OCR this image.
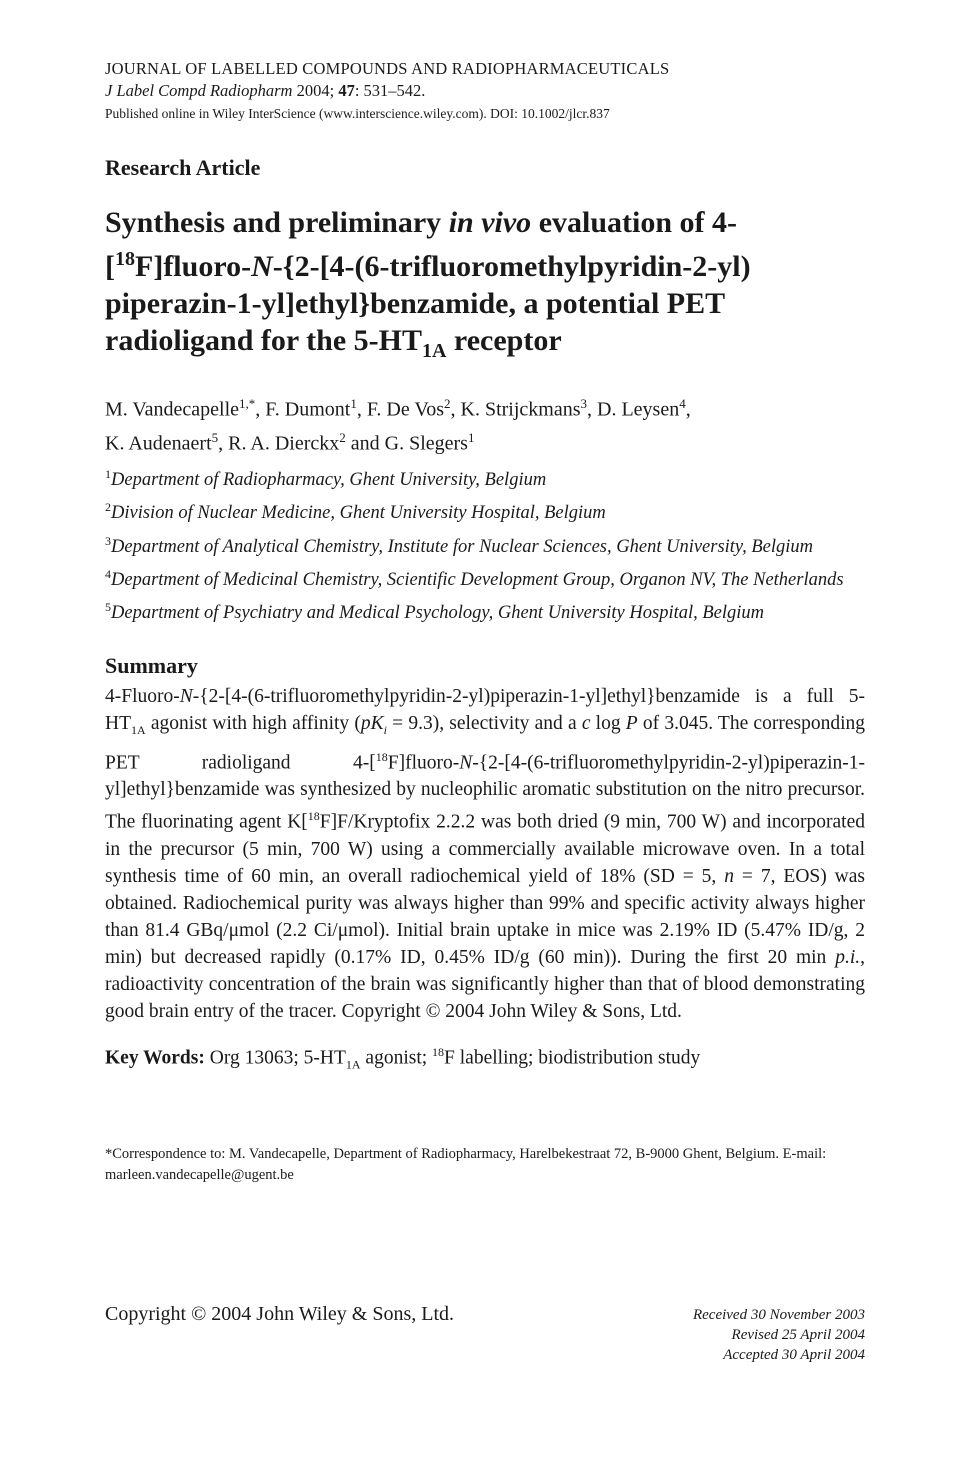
JOURNAL OF LABELLED COMPOUNDS AND RADIOPHARMACEUTICALS
J Label Compd Radiopharm 2004; 47: 531–542.
Published online in Wiley InterScience (www.interscience.wiley.com). DOI: 10.1002/jlcr.837
Research Article
Synthesis and preliminary in vivo evaluation of 4-
[$^{18}$F]fluoro-N-{2-[4-(6-trifluoromethylpyridin-2-yl)
piperazin-1-yl]ethyl}benzamide, a potential PET
radioligand for the $5-HT_{1A}$ receptor
M. Vandecapelle$^{1,*}$, F. Dumont$^1$, F. De Vos$^2$, K. Strijckmans$^3$, D. Leysen$^4$,
K. Audenaert$^5$, R. A. Dierckx$^2$ and G. Slegers$^1$
$^1$Department of Radiopharmacy, Ghent University, Belgium
$^2$Division of Nuclear Medicine, Ghent University Hospital, Belgium
$^3$Department of Analytical Chemistry, Institute for Nuclear Sciences, Ghent University, Belgium
$^4$Department of Medicinal Chemistry, Scientific Development Group, Organon NV, The Netherlands
$^5$Department of Psychiatry and Medical Psychology, Ghent University Hospital, Belgium
Summary
4-Fluoro-N-{2-[4-(6-trifluoromethylpyridin-2-yl)piperazin-1-yl]ethyl}benzamide is a full $5-HT_{1A}$ agonist with high affinity $(pK_i = 9.3)$, selectivity and a c log P of 3.045. The corresponding PET radioligand 4-[$^{18}$F]fluoro-N-{2-[4-(6-trifluoromethylpyridin-2-yl)piperazin-1-yl]ethyl}benzamide was synthesized by nucleophilic aromatic substitution on the nitro precursor. The fluorinating agent K[$^{18}$F]F/Kryptofix 2.2.2 was both dried (9 min, 700 W) and incorporated in the precursor (5 min, 700 W) using a commercially available microwave oven. In a total synthesis time of 60 min, an overall radiochemical yield of 18% (SD = 5, n = 7, EOS) was obtained. Radiochemical purity was always higher than 99% and specific activity always higher than 81.4 GBq/μmol (2.2 Ci/μmol). Initial brain uptake in mice was 2.19% ID (5.47% ID/g, 2 min) but decreased rapidly (0.17% ID, 0.45% ID/g (60 min)). During the first 20 min p.i., radioactivity concentration of the brain was significantly higher than that of blood demonstrating good brain entry of the tracer. Copyright © 2004 John Wiley & Sons, Ltd.
Key Words: Org 13063; $5-HT_{1A}$ agonist; $^{18}$F labelling; biodistribution study
*Correspondence to: M. Vandecapelle, Department of Radiopharmacy, Harelbekestraat 72, B-9000 Ghent, Belgium. E-mail: marleen.vandecapelle@ugent.be
Copyright © 2004 John Wiley & Sons, Ltd.	Received 30 November 2003
Revised 25 April 2004
Accepted 30 April 2004
